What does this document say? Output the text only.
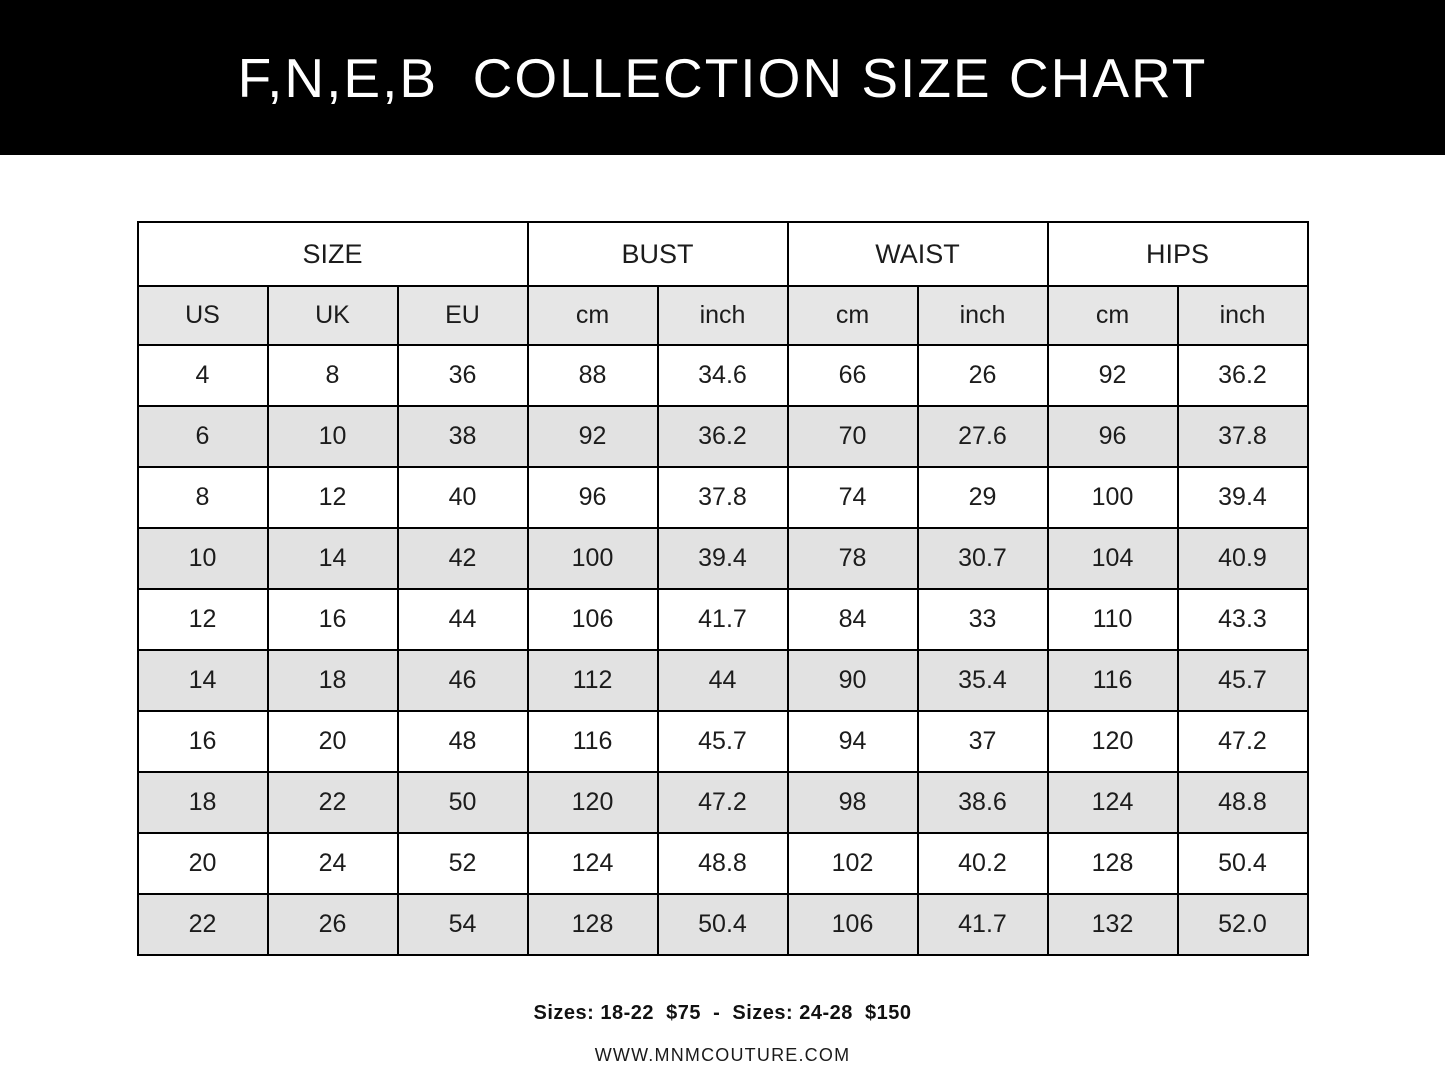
F,N,E,B  COLLECTION SIZE CHART
SIZE			BUST		WAIST		HIPS	
US	UK	EU	cm	inch	cm	inch	cm	inch
4	8	36	88	34.6	66	26	92	36.2
6	10	38	92	36.2	70	27.6	96	37.8
8	12	40	96	37.8	74	29	100	39.4
10	14	42	100	39.4	78	30.7	104	40.9
12	16	44	106	41.7	84	33	110	43.3
14	18	46	112	44	90	35.4	116	45.7
16	20	48	116	45.7	94	37	120	47.2
18	22	50	120	47.2	98	38.6	124	48.8
20	24	52	124	48.8	102	40.2	128	50.4
22	26	54	128	50.4	106	41.7	132	52.0
Sizes: 18-22  $75  -  Sizes: 24-28  $150
WWW.MNMCOUTURE.COM
